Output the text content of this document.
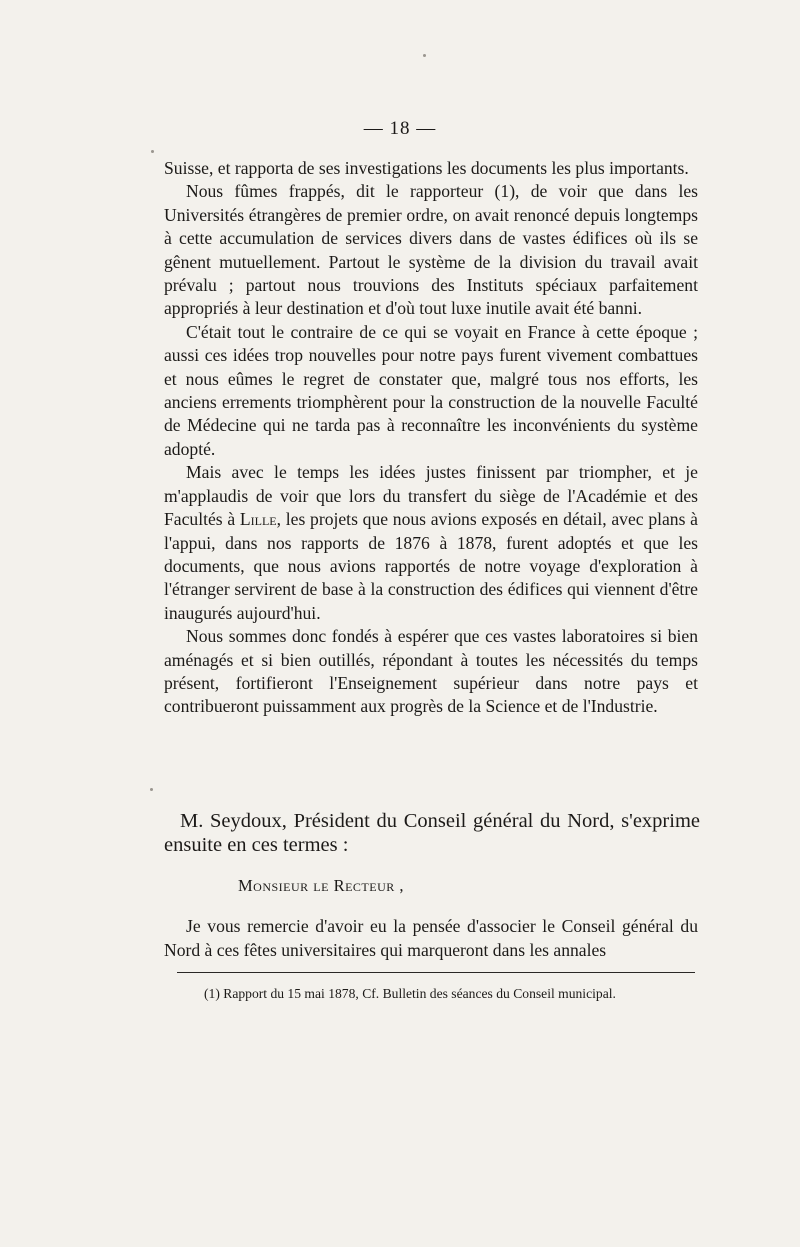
— 18 —

Suisse, et rapporta de ses investigations les documents les plus importants.

Nous fûmes frappés, dit le rapporteur (1), de voir que dans les Universités étrangères de premier ordre, on avait renoncé depuis longtemps à cette accumulation de services divers dans de vastes édifices où ils se gênent mutuellement. Partout le système de la division du travail avait prévalu ; partout nous trouvions des Instituts spéciaux parfaitement appropriés à leur destination et d'où tout luxe inutile avait été banni.

C'était tout le contraire de ce qui se voyait en France à cette époque ; aussi ces idées trop nouvelles pour notre pays furent vivement combattues et nous eûmes le regret de constater que, malgré tous nos efforts, les anciens errements triomphèrent pour la construction de la nouvelle Faculté de Médecine qui ne tarda pas à reconnaître les inconvénients du système adopté.

Mais avec le temps les idées justes finissent par triompher, et je m'applaudis de voir que lors du transfert du siège de l'Académie et des Facultés à Lille, les projets que nous avions exposés en détail, avec plans à l'appui, dans nos rapports de 1876 à 1878, furent adoptés et que les documents, que nous avions rapportés de notre voyage d'exploration à l'étranger servirent de base à la construction des édifices qui viennent d'être inaugurés aujourd'hui.

Nous sommes donc fondés à espérer que ces vastes laboratoires si bien aménagés et si bien outillés, répondant à toutes les nécessités du temps présent, fortifieront l'Enseignement supérieur dans notre pays et contribueront puissamment aux progrès de la Science et de l'Industrie.

M. Seydoux, Président du Conseil général du Nord, s'exprime ensuite en ces termes :

Monsieur le Recteur ,

Je vous remercie d'avoir eu la pensée d'associer le Conseil général du Nord à ces fêtes universitaires qui marqueront dans les annales

(1) Rapport du 15 mai 1878, Cf. Bulletin des séances du Conseil municipal.
